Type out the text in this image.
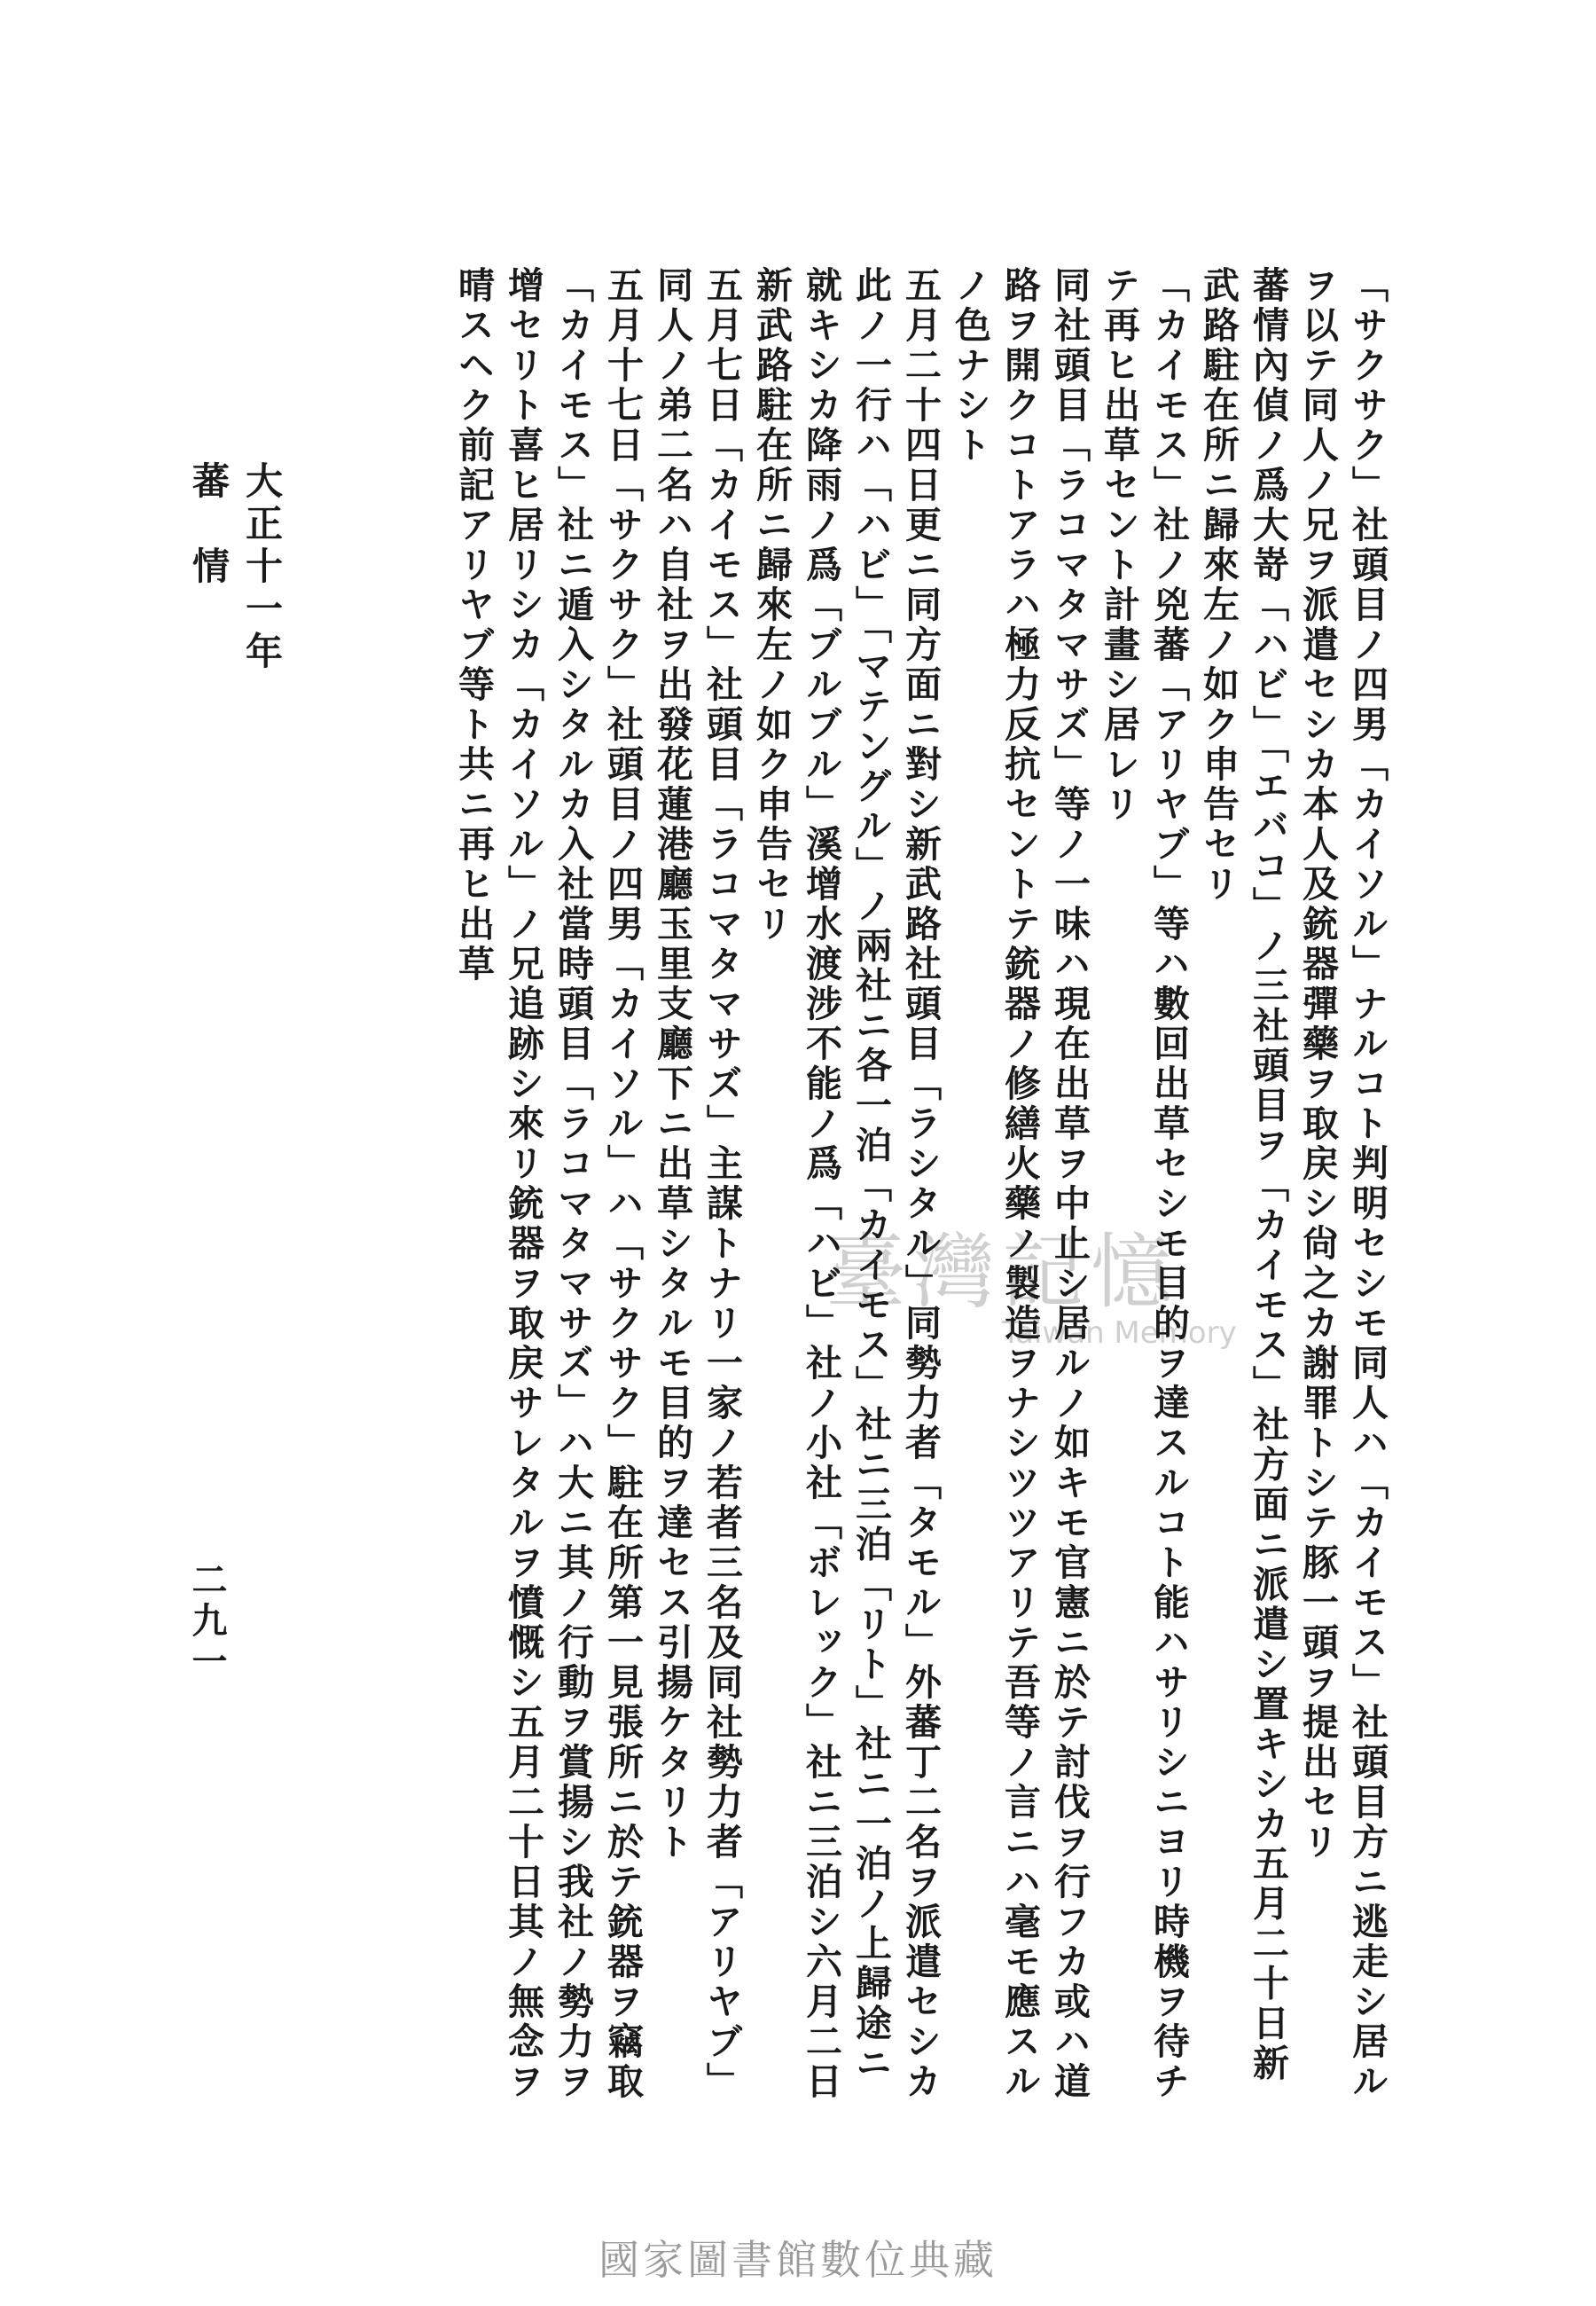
「サクサク」社頭目ノ四男「カイソル」ナルコト判明セシモ同人ハ「カイモス」社頭目方ニ逃走シ居ルヲ以テ同人ノ兄ヲ派遣セシカ本人及銃器彈藥ヲ取戻シ尙之カ謝罪トシテ豚一頭ヲ提出セリ

蕃情內偵ノ爲大嵜「ハビ」「エバコ」ノ三社頭目ヲ「カイモス」社方面ニ派遣シ置キシカ五月二十日新武路駐在所ニ歸來左ノ如ク申告セリ

「カイモス」社ノ兇蕃「アリヤブ」等ハ數回出草セシモ目的ヲ達スルコト能ハサリシニヨリ時機ヲ待チテ再ヒ出草セント計畫シ居レリ

同社頭目「ラコマタマサズ」等ノ一味ハ現在出草ヲ中止シ居ルノ如キモ官憲ニ於テ討伐ヲ行フカ或ハ道路ヲ開クコトアラハ極力反抗セントテ銃器ノ修繕火藥ノ製造ヲナシツツアリテ吾等ノ言ニハ毫モ應スルノ色ナシト

五月二十四日更ニ同方面ニ對シ新武路社頭目「ラシタル」同勢力者「タモル」外蕃丁二名ヲ派遣セシカ此ノ一行ハ「ハビ」「マテングル」ノ兩社ニ各一泊「カイモス」社ニ三泊「リト」社ニ一泊ノ上歸途ニ就キシカ降雨ノ爲「ブルブル」溪增水渡涉不能ノ爲「ハビ」社ノ小社「ボレック」社ニ三泊シ六月二日新武路駐在所ニ歸來左ノ如ク申告セリ

五月七日「カイモス」社頭目「ラコマタマサズ」主謀トナリ一家ノ若者三名及同社勢力者「アリヤブ」同人ノ弟二名ハ自社ヲ出發花蓮港廳玉里支廳下ニ出草シタルモ目的ヲ達セス引揚ケタリト

五月十七日「サクサク」社頭目ノ四男「カイソル」ハ「サクサク」駐在所第一見張所ニ於テ銃器ヲ竊取「カイモス」社ニ遁入シタルカ入社當時頭目「ラコマタマサズ」ハ大ニ其ノ行動ヲ賞揚シ我社ノ勢力ヲ增セリト喜ヒ居リシカ「カイソル」ノ兄追跡シ來リ銃器ヲ取戻サレタルヲ憤慨シ五月二十日其ノ無念ヲ晴スヘク前記アリヤブ等ト共ニ再ヒ出草

臺灣記憶
Taiwan Memory
大正十一年
蕃　情
二九一
國家圖書館數位典藏
